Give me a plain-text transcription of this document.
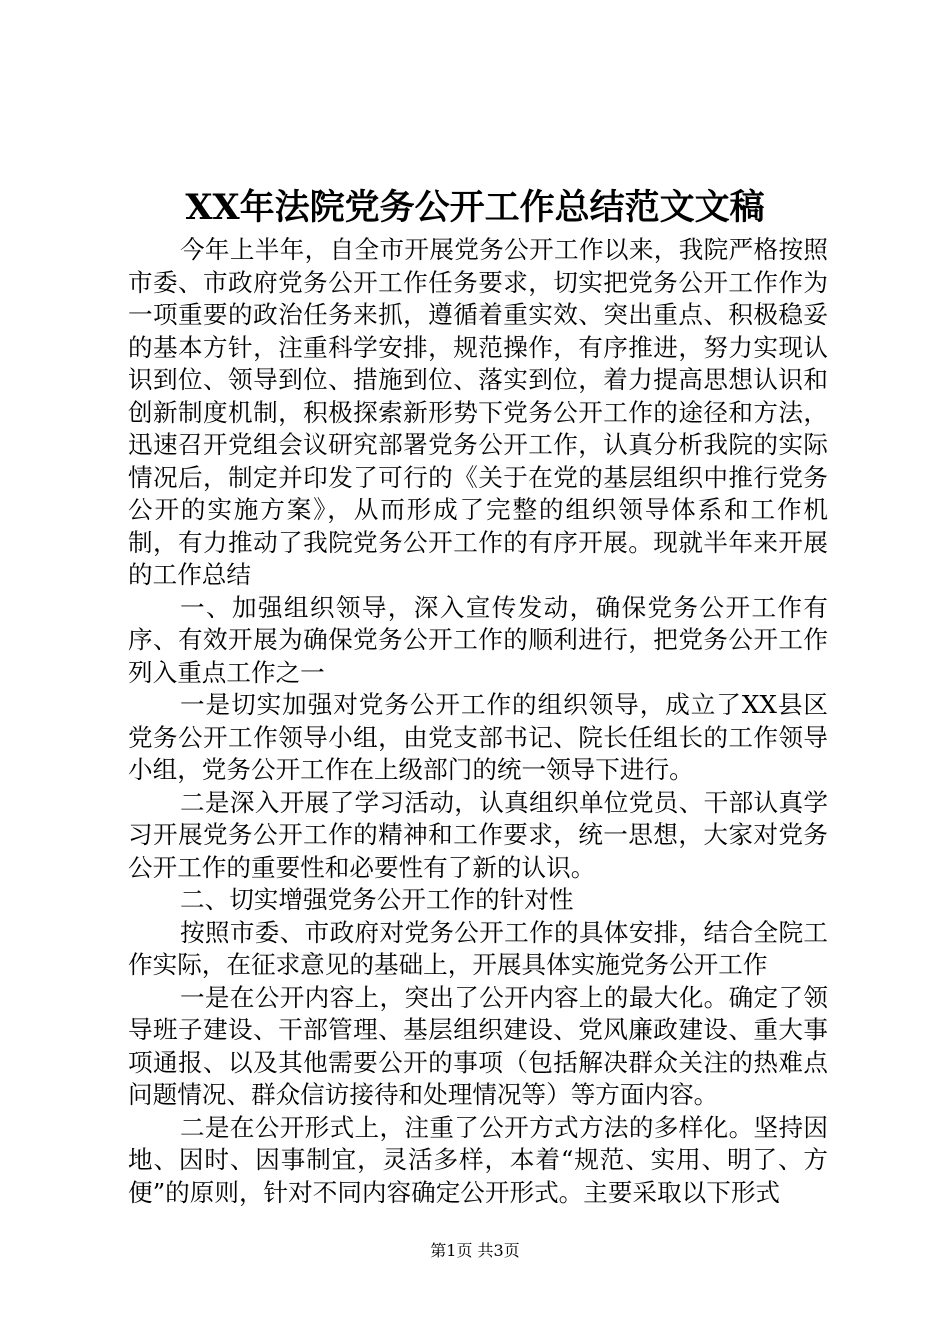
XX年法院党务公开工作总结范文文稿

今年上半年，自全市开展党务公开工作以来，我院严格按照市委、市政府党务公开工作任务要求，切实把党务公开工作作为一项重要的政治任务来抓，遵循着重实效、突出重点、积极稳妥的基本方针，注重科学安排，规范操作，有序推进，努力实现认识到位、领导到位、措施到位、落实到位，着力提高思想认识和创新制度机制，积极探索新形势下党务公开工作的途径和方法，迅速召开党组会议研究部署党务公开工作，认真分析我院的实际情况后，制定并印发了可行的《关于在党的基层组织中推行党务公开的实施方案》，从而形成了完整的组织领导体系和工作机制，有力推动了我院党务公开工作的有序开展。现就半年来开展的工作总结

一、加强组织领导，深入宣传发动，确保党务公开工作有序、有效开展为确保党务公开工作的顺利进行，把党务公开工作列入重点工作之一

一是切实加强对党务公开工作的组织领导，成立了XX县区党务公开工作领导小组，由党支部书记、院长任组长的工作领导小组，党务公开工作在上级部门的统一领导下进行。

二是深入开展了学习活动，认真组织单位党员、干部认真学习开展党务公开工作的精神和工作要求，统一思想，大家对党务公开工作的重要性和必要性有了新的认识。

二、切实增强党务公开工作的针对性

按照市委、市政府对党务公开工作的具体安排，结合全院工作实际，在征求意见的基础上，开展具体实施党务公开工作

一是在公开内容上，突出了公开内容上的最大化。确定了领导班子建设、干部管理、基层组织建设、党风廉政建设、重大事项通报、以及其他需要公开的事项（包括解决群众关注的热难点问题情况、群众信访接待和处理情况等）等方面内容。

二是在公开形式上，注重了公开方式方法的多样化。坚持因地、因时、因事制宜，灵活多样，本着“规范、实用、明了、方便”的原则，针对不同内容确定公开形式。主要采取以下形式

第1页 共3页
